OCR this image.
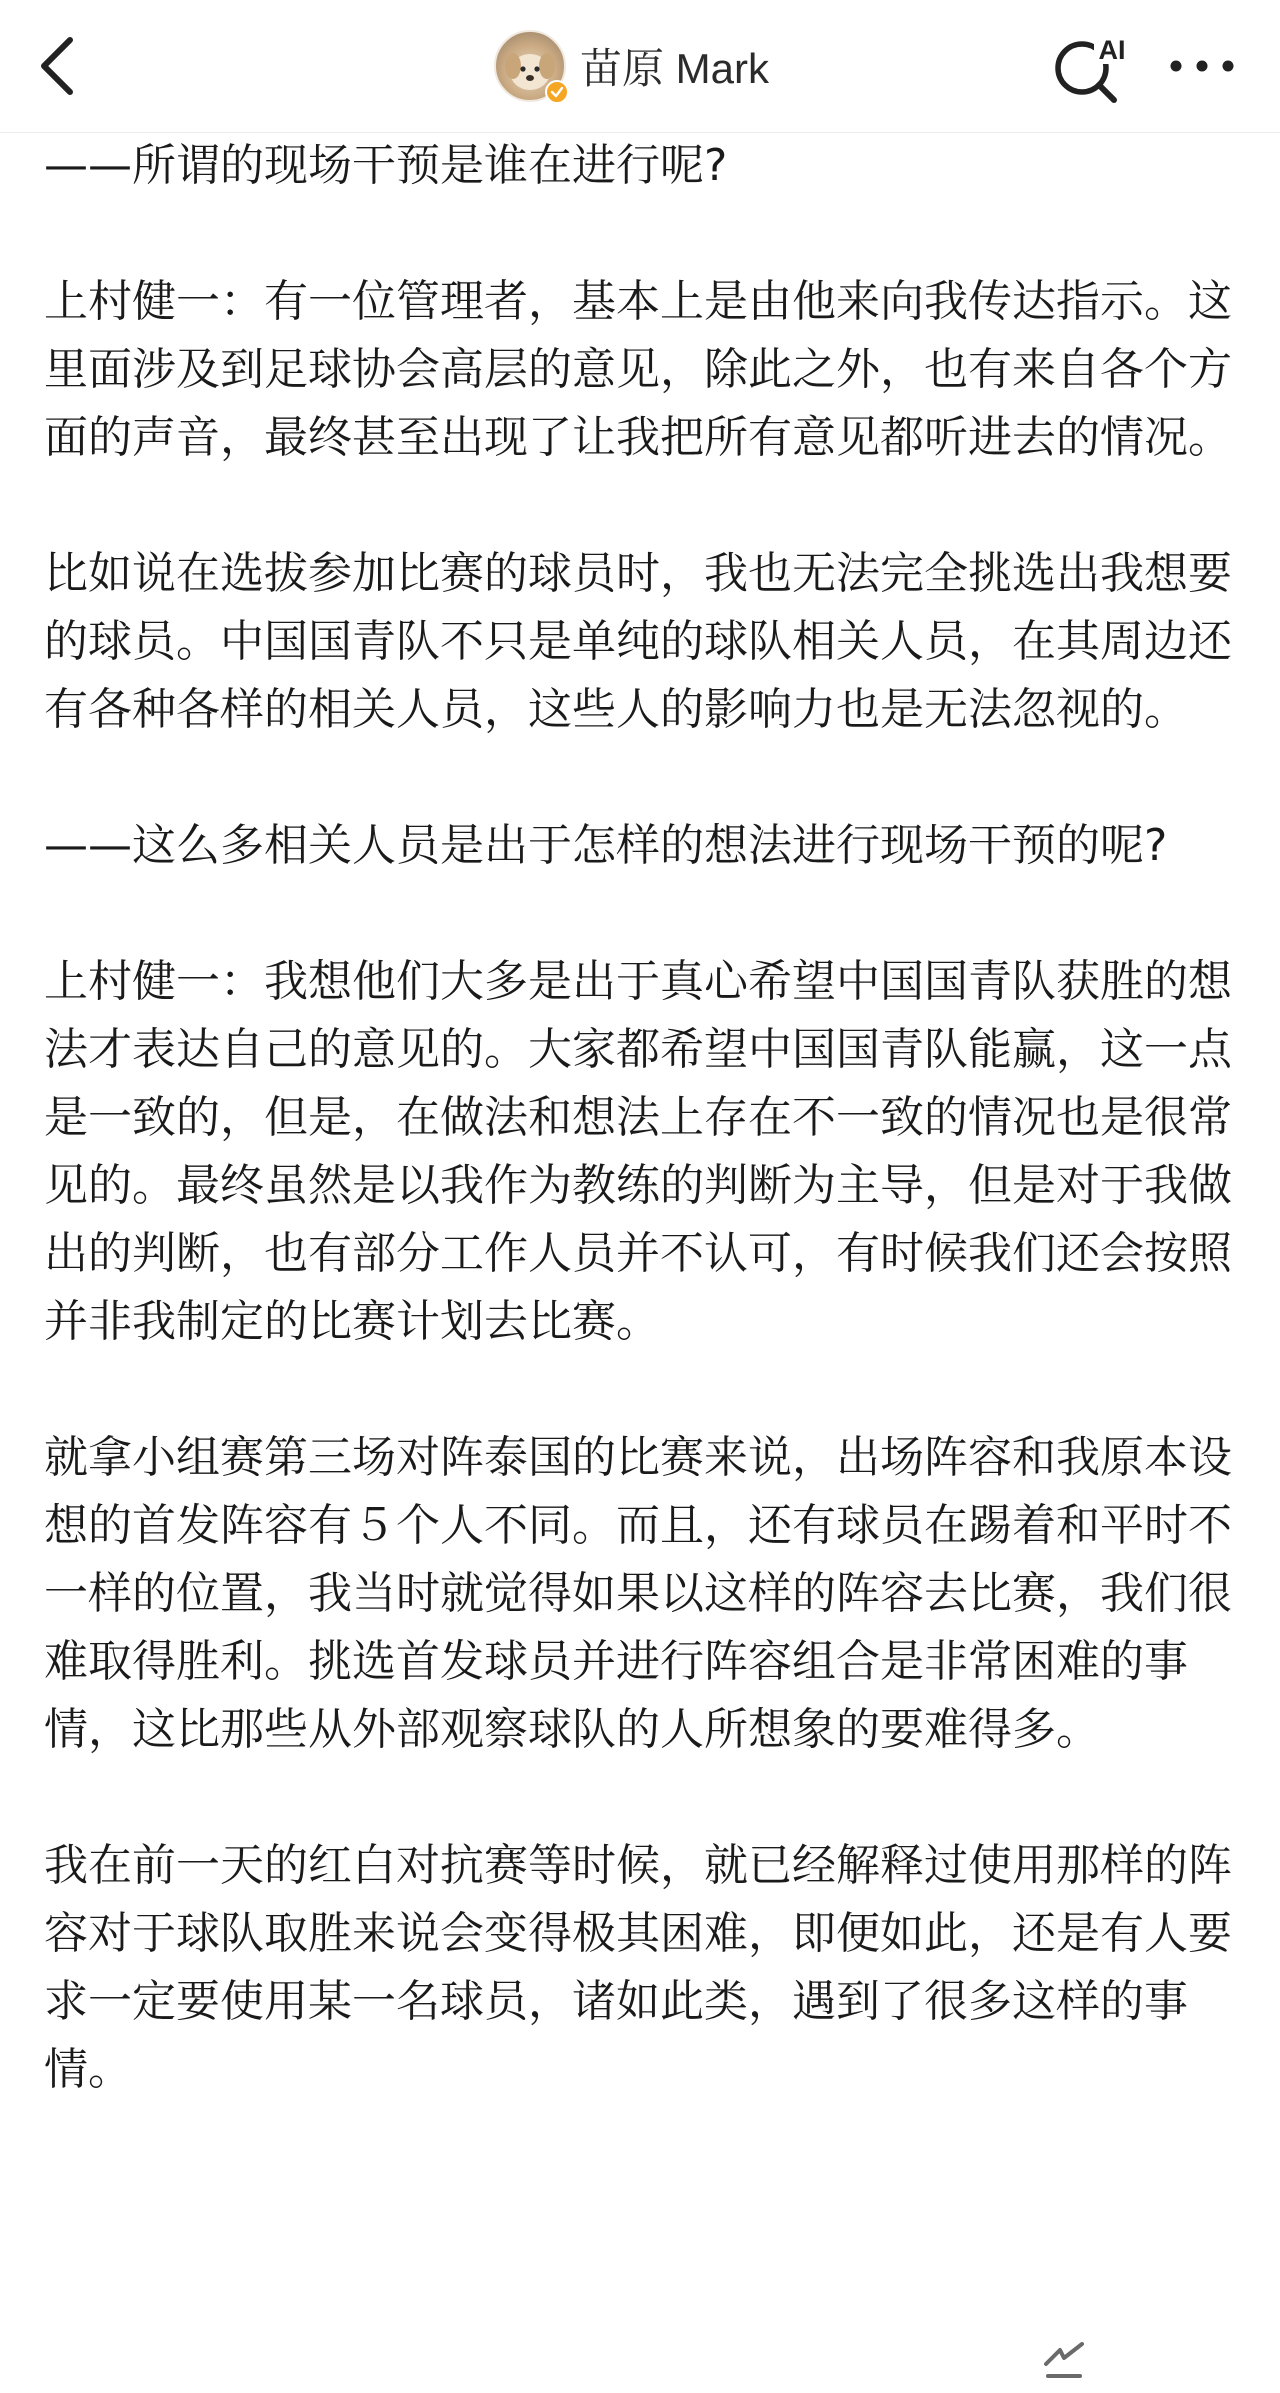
苗原 Mark	AI

——所谓的现场干预是谁在进行呢?

上村健一：有一位管理者，基本上是由他来向我传达指示。这里面涉及到足球协会高层的意见，除此之外，也有来自各个方面的声音，最终甚至出现了让我把所有意见都听进去的情况。

比如说在选拔参加比赛的球员时，我也无法完全挑选出我想要的球员。中国国青队不只是单纯的球队相关人员，在其周边还有各种各样的相关人员，这些人的影响力也是无法忽视的。

——这么多相关人员是出于怎样的想法进行现场干预的呢?

上村健一：我想他们大多是出于真心希望中国国青队获胜的想法才表达自己的意见的。大家都希望中国国青队能赢，这一点是一致的，但是，在做法和想法上存在不一致的情况也是很常见的。最终虽然是以我作为教练的判断为主导，但是对于我做出的判断，也有部分工作人员并不认可，有时候我们还会按照并非我制定的比赛计划去比赛。

就拿小组赛第三场对阵泰国的比赛来说，出场阵容和我原本设想的首发阵容有５个人不同。而且，还有球员在踢着和平时不一样的位置，我当时就觉得如果以这样的阵容去比赛，我们很难取得胜利。挑选首发球员并进行阵容组合是非常困难的事情，这比那些从外部观察球队的人所想象的要难得多。

我在前一天的红白对抗赛等时候，就已经解释过使用那样的阵容对于球队取胜来说会变得极其困难，即便如此，还是有人要求一定要使用某一名球员，诸如此类，遇到了很多这样的事情。
